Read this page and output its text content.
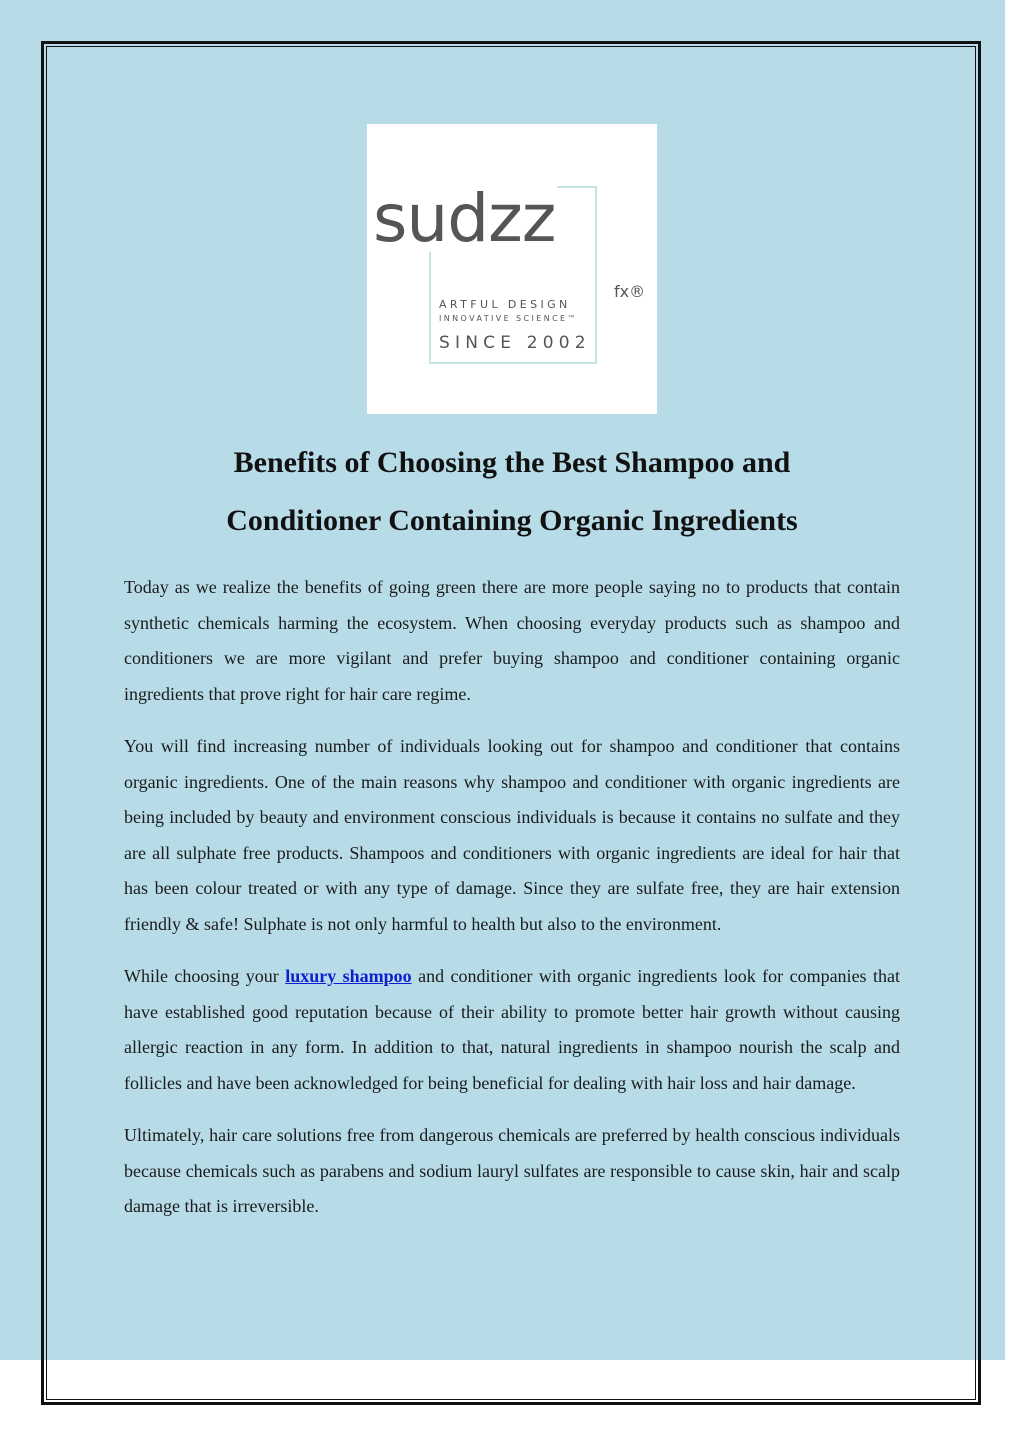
sudzz
fx®
ARTFUL DESIGN
INNOVATIVE SCIENCE™
SINCE 2002
Benefits of Choosing the Best Shampoo and
Conditioner Containing Organic Ingredients

Today as we realize the benefits of going green there are more people saying no to products that contain synthetic chemicals harming the ecosystem. When choosing everyday products such as shampoo and conditioners we are more vigilant and prefer buying shampoo and conditioner containing organic ingredients that prove right for hair care regime.

You will find increasing number of individuals looking out for shampoo and conditioner that contains organic ingredients. One of the main reasons why shampoo and conditioner with organic ingredients are being included by beauty and environment conscious individuals is because it contains no sulfate and they are all sulphate free products. Shampoos and conditioners with organic ingredients are ideal for hair that has been colour treated or with any type of damage. Since they are sulfate free, they are hair extension friendly & safe! Sulphate is not only harmful to health but also to the environment.

While choosing your luxury shampoo and conditioner with organic ingredients look for companies that have established good reputation because of their ability to promote better hair growth without causing allergic reaction in any form. In addition to that, natural ingredients in shampoo nourish the scalp and follicles and have been acknowledged for being beneficial for dealing with hair loss and hair damage.

Ultimately, hair care solutions free from dangerous chemicals are preferred by health conscious individuals because chemicals such as parabens and sodium lauryl sulfates are responsible to cause skin, hair and scalp damage that is irreversible.
